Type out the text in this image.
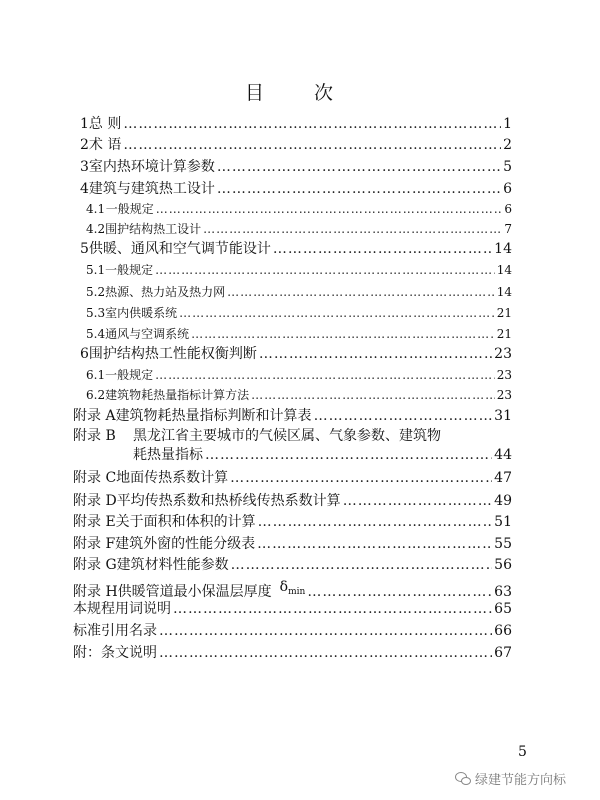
目 次
1 总 则 ………………………………………………………………………………………………………………………………………………	1
2 术 语 ………………………………………………………………………………………………………………………………………………	2
3 室内热环境计算参数 ………………………………………………………………………………………………………………………………………………	5
4 建筑与建筑热工设计 ………………………………………………………………………………………………………………………………………………	6
4.1 一般规定 ………………………………………………………………………………………………………………………………………………	6
4.2 围护结构热工设计 ………………………………………………………………………………………………………………………………………………	7
5 供暖、通风和空气调节能设计 ………………………………………………………………………………………………………………………………………………	14
5.1 一般规定 ………………………………………………………………………………………………………………………………………………	14
5.2 热源、热力站及热力网 ………………………………………………………………………………………………………………………………………………	14
5.3 室内供暖系统 ………………………………………………………………………………………………………………………………………………	21
5.4 通风与空调系统 ………………………………………………………………………………………………………………………………………………	21
6 围护结构热工性能权衡判断 ………………………………………………………………………………………………………………………………………………	23
6.1 一般规定 ………………………………………………………………………………………………………………………………………………	23
6.2 建筑物耗热量指标计算方法 ………………………………………………………………………………………………………………………………………………	23
附录 A 建筑物耗热量指标判断和计算表 ………………………………………………………………………………………………………………………………………………	31
附录 B 黑龙江省主要城市的气候区属、气象参数、建筑物
耗热量指标 ………………………………………………………………………………………………………………………………………………	44
附录 C 地面传热系数计算 ………………………………………………………………………………………………………………………………………………	47
附录 D 平均传热系数和热桥线传热系数计算 ………………………………………………………………………………………………………………………………………………	49
附录 E 关于面积和体积的计算 ………………………………………………………………………………………………………………………………………………	51
附录 F 建筑外窗的性能分级表 ………………………………………………………………………………………………………………………………………………	55
附录 G 建筑材料性能参数 ………………………………………………………………………………………………………………………………………………	56
附录 H 供暖管道最小保温层厚度 $\delta_{min}$ ………………………………………………………………………………………………………………………………………………	63
本规程用词说明 ………………………………………………………………………………………………………………………………………………	65
标准引用名录 ………………………………………………………………………………………………………………………………………………	66
附：条文说明 ………………………………………………………………………………………………………………………………………………	67
5
绿建节能方向标
